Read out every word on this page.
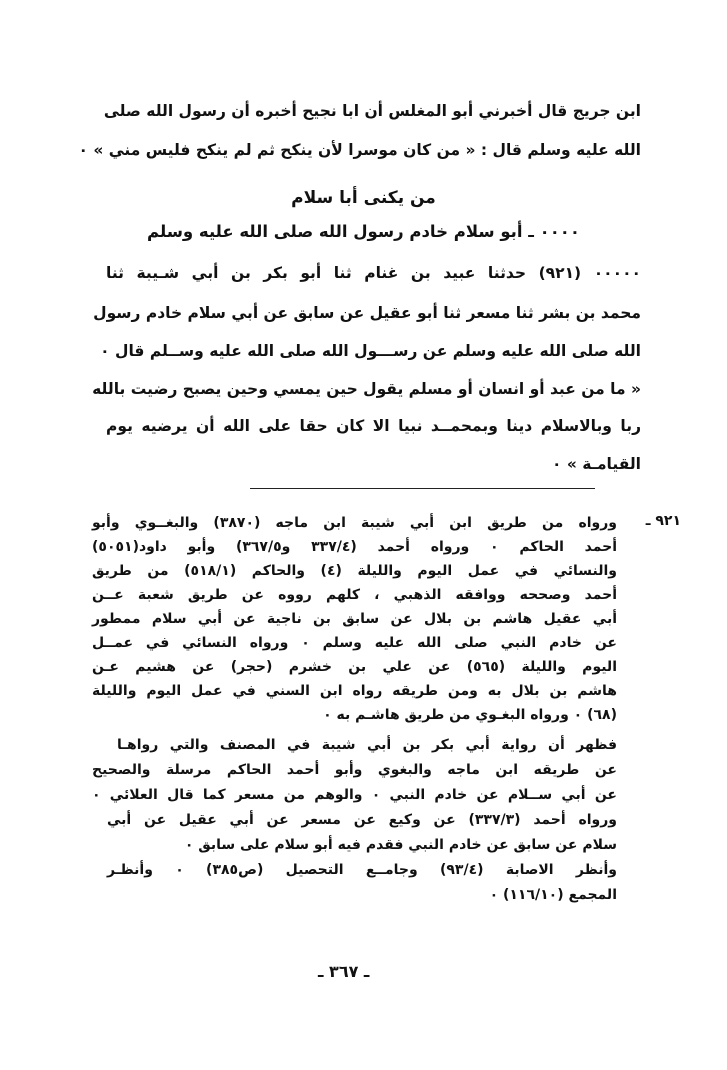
ابن جريج قال أخبرني أبو المغلس أن ابا نجيح أخبره أن رسول الله صلى
الله عليه وسلم قال : « من كان موسرا لأن ينكح ثم لم ينكح فليس مني » ٠
من يكنى أبا سلام
٠٠٠٠ ـ أبو سلام خادم رسول الله صلى الله عليه وسلم
٠٠٠٠٠ (٩٢١) حدثنا عبيد بن غنام ثنا أبو بكر بن أبي شـيبة ثنا
محمد بن بشر ثنا مسعر ثنا أبو عقيل عن سابق عن أبي سلام خادم رسول
الله صلى الله عليه وسلم عن رســـول الله صلى الله عليه وســلم قال ٠
« ما من عبد أو انسان أو مسلم يقول حين يمسي وحين يصبح رضيت بالله
ربا وبالاسلام دينا وبمحمــد نبيا الا كان حقا على الله أن يرضيه يوم
القيامـة » ٠
٩٢١ ـ
ورواه من طريق ابن أبي شيبة ابن ماجه (٣٨٧٠) والبغــوي وأبو
أحمد الحاكم ٠ ورواه أحمد (٣٣٧/٤ و٣٦٧/٥) وأبو داود(٥٠٥١)
والنسائي في عمل اليوم والليلة (٤) والحاكم (٥١٨/١) من طريق
أحمد وصححه ووافقه الذهبي ، كلهم رووه عن طريق شعبة عــن
أبي عقيل هاشم بن بلال عن سابق بن ناجية عن أبي سلام ممطور
عن خادم النبي صلى الله عليه وسلم ٠ ورواه النسائي في عمــل
اليوم والليلة (٥٦٥) عن علي بن خشرم (حجر) عن هشيم عـن
هاشم بن بلال به ومن طريقه رواه ابن السني في عمل اليوم والليلة
(٦٨) ٠ ورواه البغـوي من طريق هاشـم به ٠
فظهر أن رواية أبي بكر بن أبي شيبة في المصنف والتي رواهـا
عن طريقه ابن ماجه والبغوي وأبو أحمد الحاكم مرسلة والصحيح
عن أبي ســلام عن خادم النبي ٠ والوهم من مسعر كما قال العلائي ٠
ورواه أحمد (٣٣٧/٣) عن وكيع عن مسعر عن أبي عقيل عن أبي
سلام عن سابق عن خادم النبي فقدم فيه أبو سلام على سابق ٠
وأنظر الاصابة (٩٣/٤) وجامــع التحصيل (ص٣٨٥) ٠ وأنظـر
المجمع (١١٦/١٠) ٠
ـ ٣٦٧ ـ
